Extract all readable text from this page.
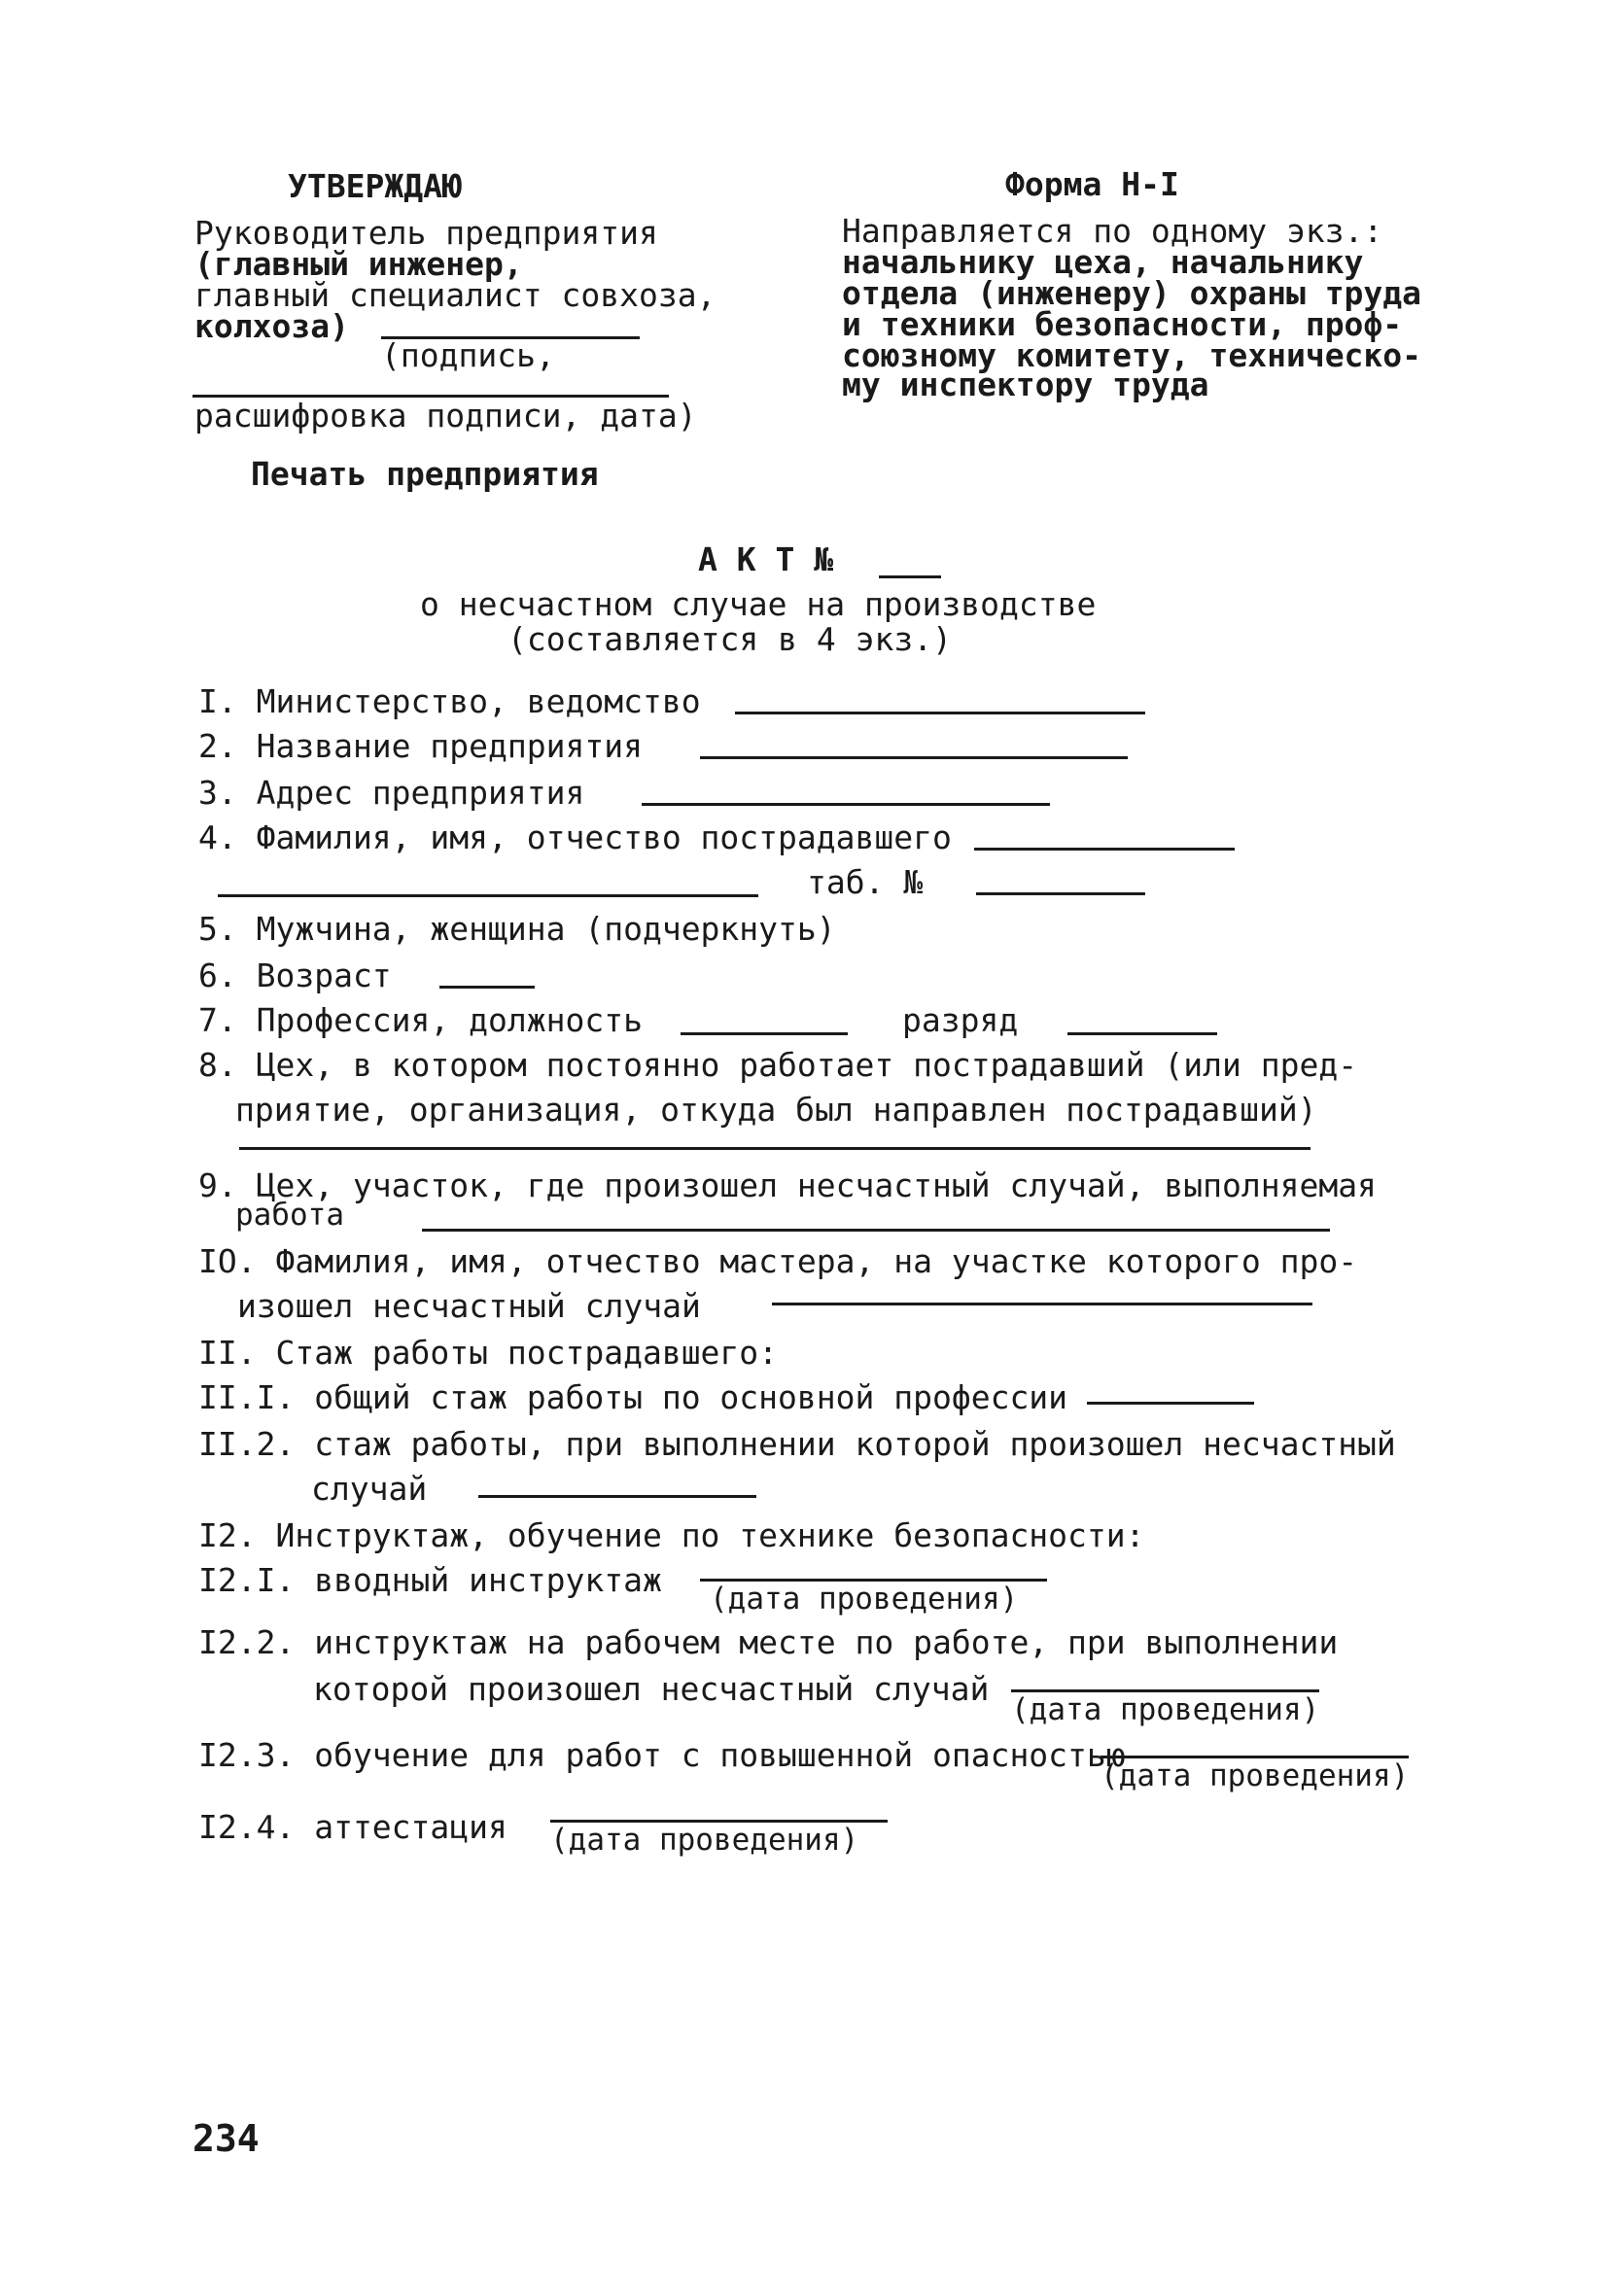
УТВЕРЖДАЮ
Руководитель предприятия
(главный инженер,
главный специалист совхоза,
колхоза)
(подпись,
расшифровка подписи, дата)
Печать предприятия
Форма Н-I
Направляется по одному экз.:
начальнику цеха, начальнику
отдела (инженеру) охраны труда
и техники безопасности, проф-
союзному комитету, техническо-
му инспектору труда
А К Т №
о несчастном случае на производстве
(составляется в 4 экз.)
I. Министерство, ведомство
2. Название предприятия
3. Адрес предприятия
4. Фамилия, имя, отчество пострадавшего
таб. №
5. Мужчина, женщина (подчеркнуть)
6. Возраст
7. Профессия, должность	разряд
8. Цех, в котором постоянно работает пострадавший (или пред-
приятие, организация, откуда был направлен пострадавший)
9. Цех, участок, где произошел несчастный случай, выполняемая
работа
IO. Фамилия, имя, отчество мастера, на участке которого про-
изошел несчастный случай
II. Стаж работы пострадавшего:
II.I. общий стаж работы по основной профессии
II.2. стаж работы, при выполнении которой произошел несчастный
случай
I2. Инструктаж, обучение по технике безопасности:
I2.I. вводный инструктаж	(дата проведения)
I2.2. инструктаж на рабочем месте по работе, при выполнении
которой произошел несчастный случай
(дата проведения)
I2.3. обучение для работ с повышенной опасностью
(дата проведения)
I2.4. аттестация (дата проведения)
234
